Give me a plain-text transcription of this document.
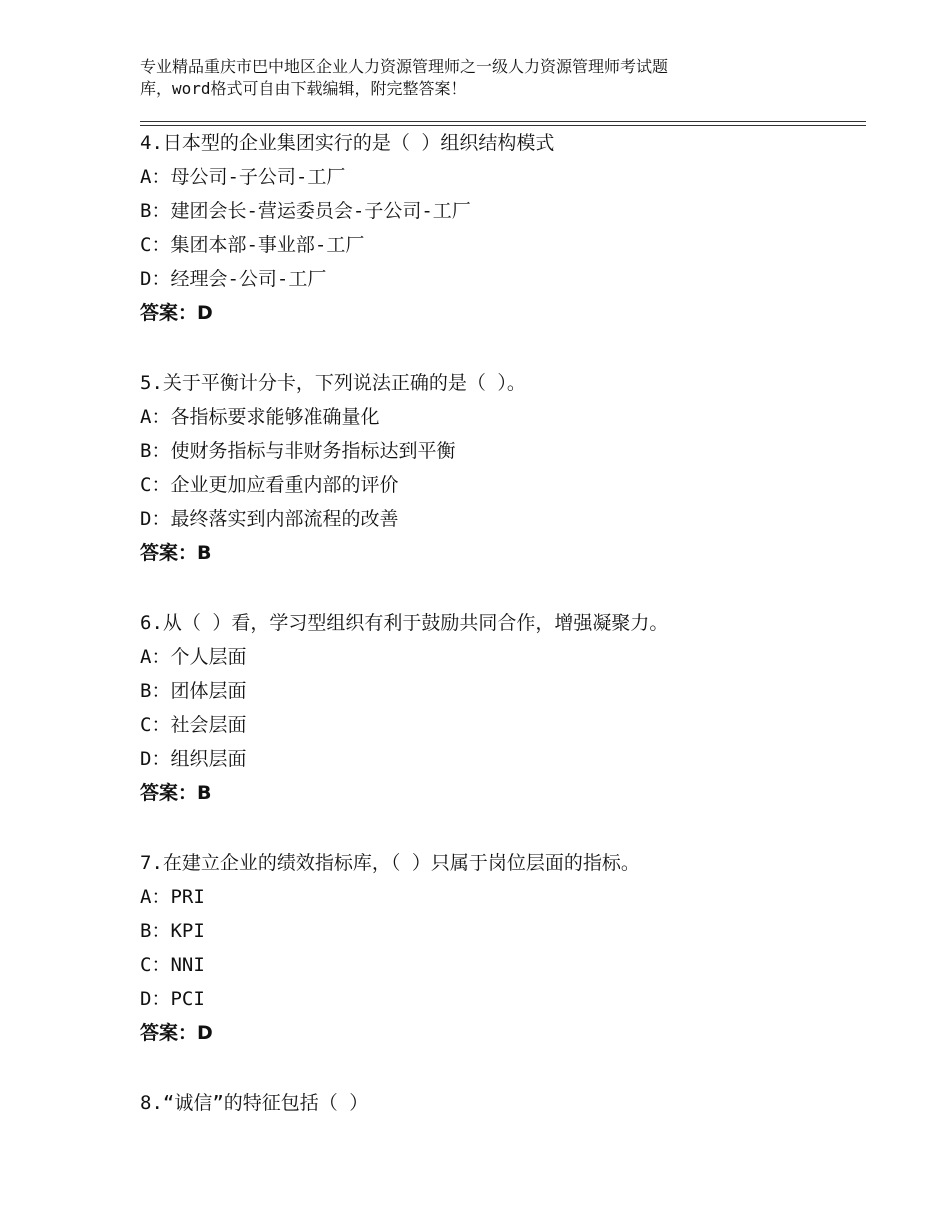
专业精品重庆市巴中地区企业人力资源管理师之一级人力资源管理师考试题
库，word格式可自由下载编辑，附完整答案！
4.日本型的企业集团实行的是（ ）组织结构模式
A：母公司-子公司-工厂
B：建团会长-营运委员会-子公司-工厂
C：集团本部-事业部-工厂
D：经理会-公司-工厂
答案：D
5.关于平衡计分卡，下列说法正确的是（ ）。
A：各指标要求能够准确量化
B：使财务指标与非财务指标达到平衡
C：企业更加应看重内部的评价
D：最终落实到内部流程的改善
答案：B
6.从（ ）看，学习型组织有利于鼓励共同合作，增强凝聚力。
A：个人层面
B：团体层面
C：社会层面
D：组织层面
答案：B
7.在建立企业的绩效指标库，（ ）只属于岗位层面的指标。
A：PRI
B：KPI
C：NNI
D：PCI
答案：D
8.“诚信”的特征包括（ ）
